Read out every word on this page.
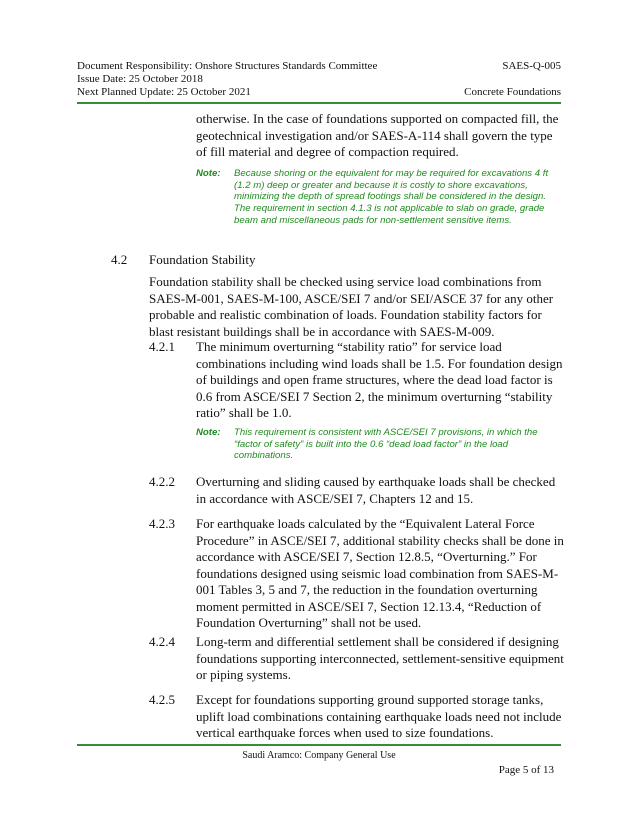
Document Responsibility: Onshore Structures Standards Committee	SAES-Q-005
Issue Date: 25 October 2018
Next Planned Update: 25 October 2021	Concrete Foundations

otherwise. In the case of foundations supported on compacted fill, the geotechnical investigation and/or SAES-A-114 shall govern the type of fill material and degree of compaction required.

Note: Because shoring or the equivalent for may be required for excavations 4 ft (1.2 m) deep or greater and because it is costly to shore excavations, minimizing the depth of spread footings shall be considered in the design. The requirement in section 4.1.3 is not applicable to slab on grade, grade beam and miscellaneous pads for non-settlement sensitive items.
4.2 Foundation Stability

Foundation stability shall be checked using service load combinations from SAES-M-001, SAES-M-100, ASCE/SEI 7 and/or SEI/ASCE 37 for any other probable and realistic combination of loads. Foundation stability factors for blast resistant buildings shall be in accordance with SAES-M-009.

4.2.1 The minimum overturning “stability ratio” for service load combinations including wind loads shall be 1.5. For foundation design of buildings and open frame structures, where the dead load factor is 0.6 from ASCE/SEI 7 Section 2, the minimum overturning “stability ratio” shall be 1.0.

Note: This requirement is consistent with ASCE/SEI 7 provisions, in which the “factor of safety” is built into the 0.6 “dead load factor” in the load combinations.
4.2.2 Overturning and sliding caused by earthquake loads shall be checked in accordance with ASCE/SEI 7, Chapters 12 and 15.

4.2.3 For earthquake loads calculated by the “Equivalent Lateral Force Procedure” in ASCE/SEI 7, additional stability checks shall be done in accordance with ASCE/SEI 7, Section 12.8.5, “Overturning.” For foundations designed using seismic load combination from SAES-M-001 Tables 3, 5 and 7, the reduction in the foundation overturning moment permitted in ASCE/SEI 7, Section 12.13.4, “Reduction of Foundation Overturning” shall not be used.

4.2.4 Long-term and differential settlement shall be considered if designing foundations supporting interconnected, settlement-sensitive equipment or piping systems.

4.2.5 Except for foundations supporting ground supported storage tanks, uplift load combinations containing earthquake loads need not include vertical earthquake forces when used to size foundations.

Saudi Aramco: Company General Use
Page 5 of 13
